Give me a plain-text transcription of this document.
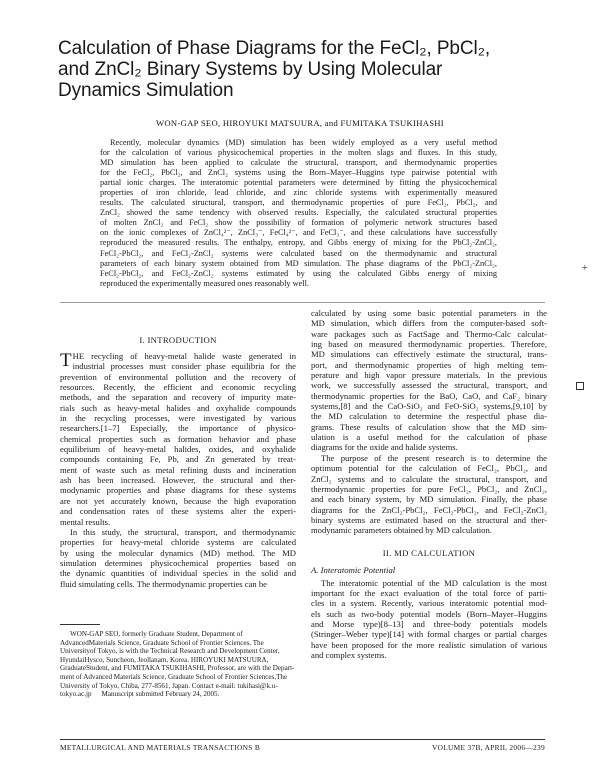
Calculation of Phase Diagrams for the FeCl₂, PbCl₂,
and ZnCl₂ Binary Systems by Using Molecular
Dynamics Simulation
WON-GAP SEO, HIROYUKI MATSUURA, and FUMITAKA TSUKIHASHI
Recently, molecular dynamics (MD) simulation has been widely employed as a very useful method
for the calculation of various physicochemical properties in the molten slags and fluxes. In this study,
MD simulation has been applied to calculate the structural, transport, and thermodynamic properties
for the FeCl₂, PbCl₂, and ZnCl₂ systems using the Born–Mayer–Huggins type pairwise potential with
partial ionic charges. The interatomic potential parameters were determined by fitting the physicochemical
properties of iron chloride, lead chloride, and zinc chloride systems with experimentally measured
results. The calculated structural, transport, and thermodynamic properties of pure FeCl₂, PbCl₂, and
ZnCl₂ showed the same tendency with observed results. Especially, the calculated structural properties
of molten ZnCl₂ and FeCl₂ show the possibility of formation of polymeric network structures based
on the ionic complexes of ZnCl₄²⁻, ZnCl₃⁻, FeCl₄²⁻, and FeCl₃⁻, and these calculations have successfully
reproduced the measured results. The enthalpy, entropy, and Gibbs energy of mixing for the PbCl₂-ZnCl₂,
FeCl₂-PbCl₂, and FeCl₂-ZnCl₂ systems were calculated based on the thermodynamic and structural
parameters of each binary system obtained from MD simulation. The phase diagrams of the PbCl₂-ZnCl₂,
FeCl₂-PbCl₂, and FeCl₂-ZnCl₂ systems estimated by using the calculated Gibbs energy of mixing
reproduced the experimentally measured ones reasonably well.
I. INTRODUCTION
T HE recycling of heavy-metal halide waste generated in
industrial processes must consider phase equilibria for the
prevention of environmental pollution and the recovery of
resources. Recently, the efficient and economic recycling
methods, and the separation and recovery of impurity mate-
rials such as heavy-metal halides and oxyhalide compounds
in the recycling processes, were investigated by various
researchers.[1–7] Especially, the importance of physico-
chemical properties such as formation behavior and phase
equilibrium of heavy-metal halides, oxides, and oxyhalide
compounds containing Fe, Pb, and Zn generated by treat-
ment of waste such as metal refining dusts and incineration
ash has been increased. However, the structural and ther-
modynamic properties and phase diagrams for these systems
are not yet accurately known, because the high evaporation
and condensation rates of these systems alter the experi-
mental results.
In this study, the structural, transport, and thermodynamic
properties for heavy-metal chloride systems are calculated
by using the molecular dynamics (MD) method. The MD
simulation determines physicochemical properties based on
the dynamic quantities of individual species in the solid and
fluid simulating cells. The thermodynamic properties can be
calculated by using some basic potential parameters in the
MD simulation, which differs from the computer-based soft-
ware packages such as FactSage and Thermo-Calc calculat-
ing based on measured thermodynamic properties. Therefore,
MD simulations can effectively estimate the structural, trans-
port, and thermodynamic properties of high melting tem-
perature and high vapor pressure materials. In the previous
work, we successfully assessed the structural, transport, and
thermodynamic properties for the BaO, CaO, and CaF₂ binary
systems,[8] and the CaO-SiO₂ and FeO-SiO₂ systems,[9,10] by
the MD calculation to determine the respectful phase dia-
grams. These results of calculation show that the MD sim-
ulation is a useful method for the calculation of phase
diagrams for the oxide and halide systems.
The purpose of the present research is to determine the
optimum potential for the calculation of FeCl₂, PbCl₂, and
ZnCl₂ systems and to calculate the structural, transport, and
thermodynamic properties for pure FeCl₂, PbCl₂, and ZnCl₂,
and each binary system, by MD simulation. Finally, the phase
diagrams for the ZnCl₂-PbCl₂, FeCl₂-PbCl₂, and FeCl₂-ZnCl₂
binary systems are estimated based on the structural and ther-
modynamic parameters obtained by MD calculation.
II. MD CALCULATION
A. Interatomic Potential
The interatomic potential of the MD calculation is the most
important for the exact evaluation of the total force of parti-
cles in a system. Recently, various interatomic potential mod-
els such as two-body potential models (Born–Mayer–Huggins
and Morse type)[8–13] and three-body potentials models
(Stringer–Weber type)[14] with formal charges or partial charges
have been proposed for the more realistic simulation of various
and complex systems.
WON-GAP SEO, formerly Graduate Student, Department of AdvancedMaterials Science, Graduate School of Frontier Sciences, The Universityof Tokyo, is with the Technical Research and Development Center, HyundaiHysco, Suncheon, Jeollanam, Korea. HIROYUKI MATSUURA, GraduateStudent, and FUMITAKA TSUKIHASHI, Professor, are with the Depart-ment of Advanced Materials Science, Graduate School of Frontier Sciences,The University of Tokyo, Chiba, 277-8561, Japan. Contact e-mail: tukihasi@k.u-tokyo.ac.jp Manuscript submitted February 24, 2005.
METALLURGICAL AND MATERIALS TRANSACTIONS B	VOLUME 37B, APRIL 2006—239
+
